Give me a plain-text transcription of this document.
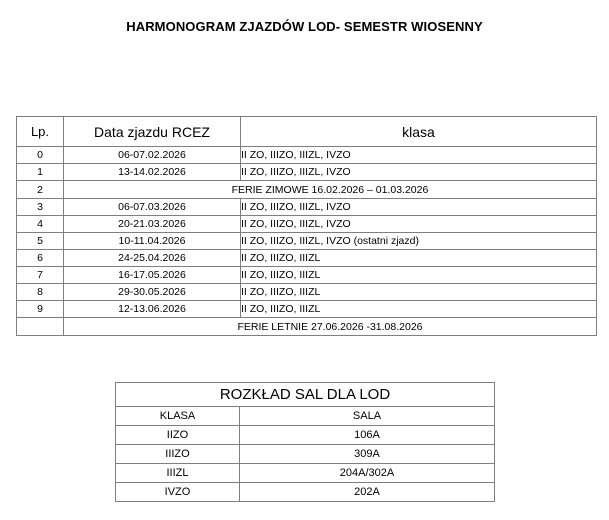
HARMONOGRAM ZJAZDÓW LOD- SEMESTR WIOSENNY
Lp.	Data zjazdu RCEZ	klasa
0	06-07.02.2026	II ZO, IIIZO, IIIZL, IVZO
1	13-14.02.2026	II ZO, IIIZO, IIIZL, IVZO
2	FERIE ZIMOWE 16.02.2026 – 01.03.2026	
3	06-07.03.2026	II ZO, IIIZO, IIIZL, IVZO
4	20-21.03.2026	II ZO, IIIZO, IIIZL, IVZO
5	10-11.04.2026	II ZO, IIIZO, IIIZL, IVZO (ostatni zjazd)
6	24-25.04.2026	II ZO, IIIZO, IIIZL
7	16-17.05.2026	II ZO, IIIZO, IIIZL
8	29-30.05.2026	II ZO, IIIZO, IIIZL
9	12-13.06.2026	II ZO, IIIZO, IIIZL
	FERIE LETNIE 27.06.2026 -31.08.2026	
ROZKŁAD SAL DLA LOD	
KLASA	SALA
IIZO	106A
IIIZO	309A
IIIZL	204A/302A
IVZO	202A
